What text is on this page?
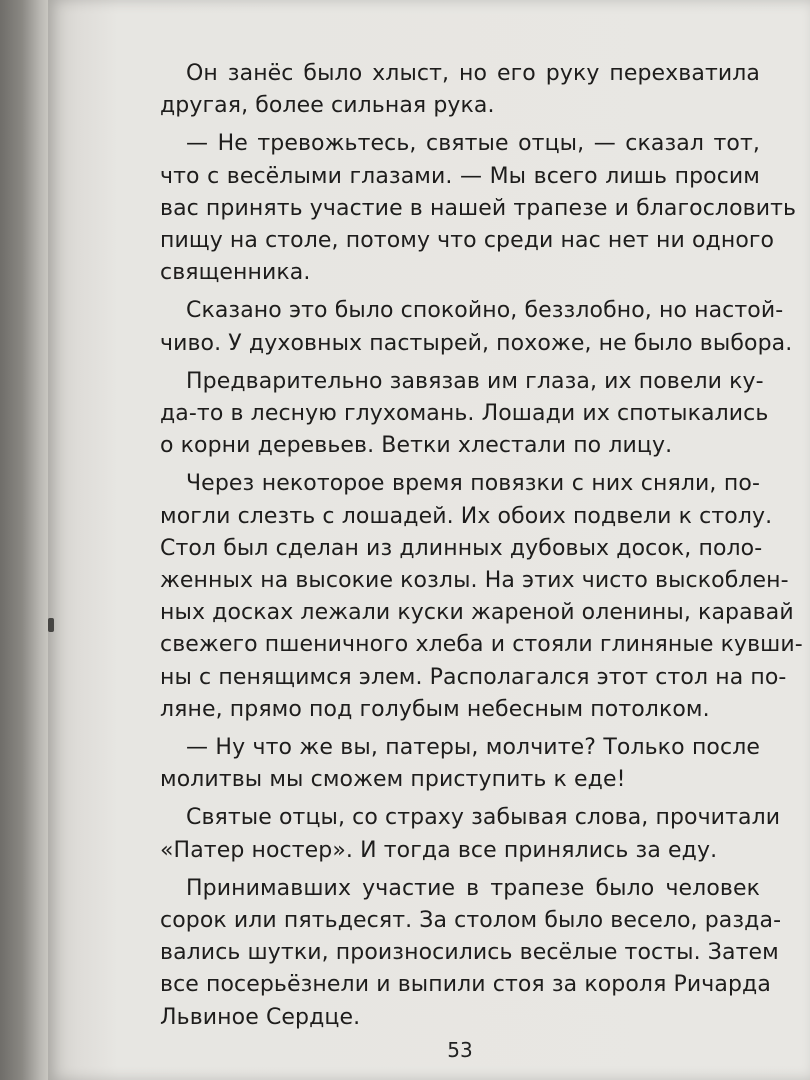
Он занёс было хлыст, но его руку перехватила
другая, более сильная рука.
— Не тревожьтесь, святые отцы, — сказал тот,
что с весёлыми глазами. — Мы всего лишь просим
вас принять участие в нашей трапезе и благословить
пищу на столе, потому что среди нас нет ни одного
священника.
Сказано это было спокойно, беззлобно, но настой-
чиво. У духовных пастырей, похоже, не было выбора.
Предварительно завязав им глаза, их повели ку-
да-то в лесную глухомань. Лошади их спотыкались
о корни деревьев. Ветки хлестали по лицу.
Через некоторое время повязки с них сняли, по-
могли слезть с лошадей. Их обоих подвели к столу.
Стол был сделан из длинных дубовых досок, поло-
женных на высокие козлы. На этих чисто выскоблен-
ных досках лежали куски жареной оленины, каравай
свежего пшеничного хлеба и стояли глиняные кувши-
ны с пенящимся элем. Располагался этот стол на по-
ляне, прямо под голубым небесным потолком.
— Ну что же вы, патеры, молчите? Только после
молитвы мы сможем приступить к еде!
Святые отцы, со страху забывая слова, прочитали
«Патер ностер». И тогда все принялись за еду.
Принимавших участие в трапезе было человек
сорок или пятьдесят. За столом было весело, разда-
вались шутки, произносились весёлые тосты. Затем
все посерьёзнели и выпили стоя за короля Ричарда
Львиное Сердце.
53
